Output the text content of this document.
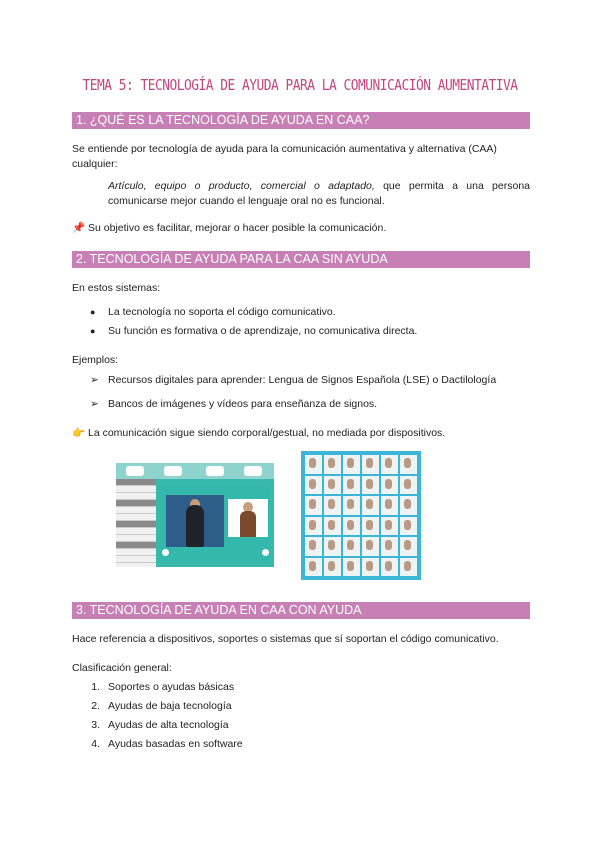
TEMA 5: TECNOLOGÍA DE AYUDA PARA LA COMUNICACIÓN AUMENTATIVA
1. ¿QUÉ ES LA TECNOLOGÍA DE AYUDA EN CAA?
Se entiende por tecnología de ayuda para la comunicación aumentativa y alternativa (CAA) cualquier:
Artículo, equipo o producto, comercial o adaptado, que permita a una persona comunicarse mejor cuando el lenguaje oral no es funcional.
📌 Su objetivo es facilitar, mejorar o hacer posible la comunicación.
2. TECNOLOGÍA DE AYUDA PARA LA CAA SIN AYUDA
En estos sistemas:
● La tecnología no soporta el código comunicativo.
● Su función es formativa o de aprendizaje, no comunicativa directa.
Ejemplos:
➢ Recursos digitales para aprender: Lengua de Signos Española (LSE) o Dactilología
➢ Bancos de imágenes y vídeos para enseñanza de signos.
👉 La comunicación sigue siendo corporal/gestual, no mediada por dispositivos.
3. TECNOLOGÍA DE AYUDA EN CAA CON AYUDA
Hace referencia a dispositivos, soportes o sistemas que sí soportan el código comunicativo.
Clasificación general:
1. Soportes o ayudas básicas
2. Ayudas de baja tecnología
3. Ayudas de alta tecnología
4. Ayudas basadas en software
